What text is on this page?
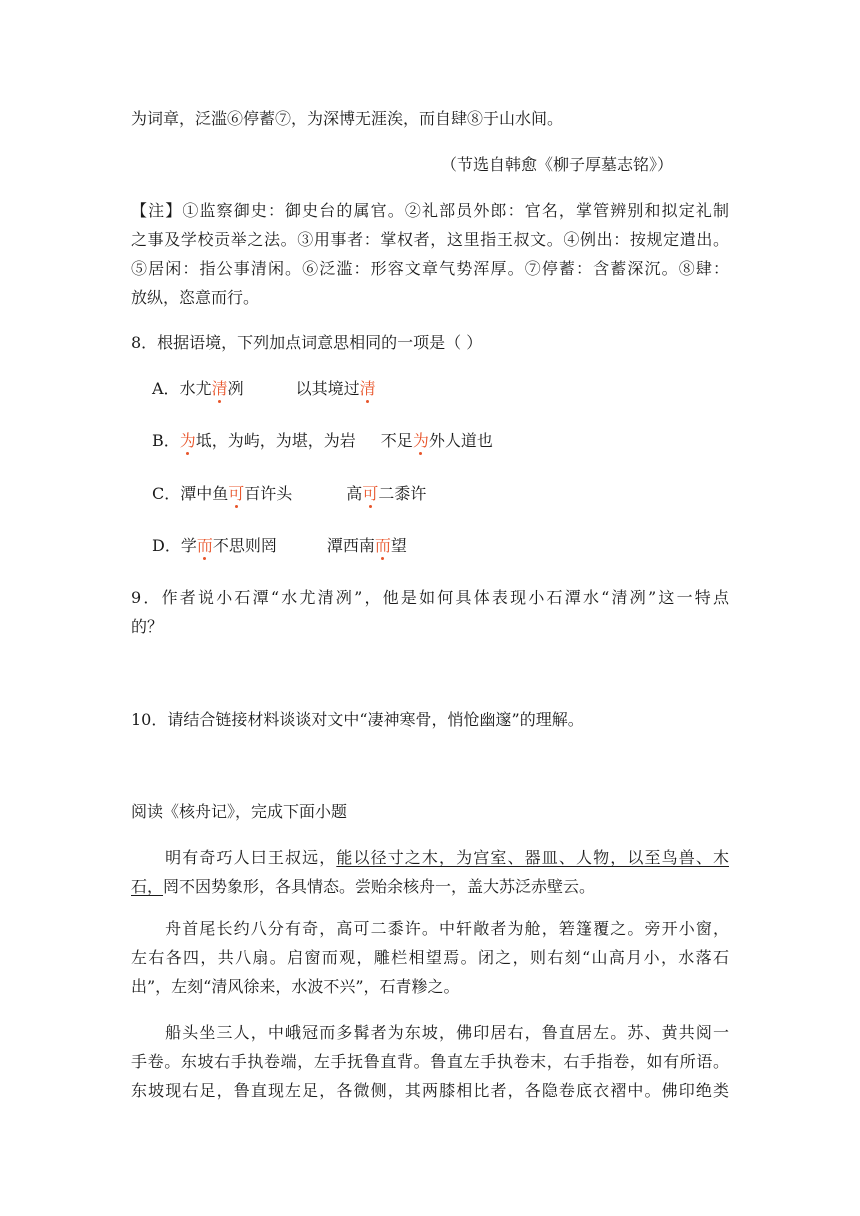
为词章，泛滥⑥停蓄⑦，为深博无涯涘，而自肆⑧于山水间。
（节选自韩愈《柳子厚墓志铭》）
【注】①监察御史：御史台的属官。②礼部员外郎：官名，掌管辨别和拟定礼制
之事及学校贡举之法。③用事者：掌权者，这里指王叔文。④例出：按规定遣出。
⑤居闲：指公事清闲。⑥泛滥：形容文章气势浑厚。⑦停蓄：含蓄深沉。⑧肆：
放纵，恣意而行。
8．根据语境，下列加点词意思相同的一项是（ ）
A．水尤清冽	以其境过清
B．为坻，为屿，为堪，为岩 不足为外人道也
C．潭中鱼可百许头	高可二黍许
D．学而不思则罔	潭西南而望
9．作者说小石潭“水尤清冽”，他是如何具体表现小石潭水“清冽”这一特点
的？
10．请结合链接材料谈谈对文中“凄神寒骨，悄怆幽邃”的理解。
阅读《核舟记》，完成下面小题
明有奇巧人曰王叔远，能以径寸之木，为宫室、器皿、人物，以至鸟兽、木
石，罔不因势象形，各具情态。尝贻余核舟一，盖大苏泛赤壁云。
舟首尾长约八分有奇，高可二黍许。中轩敞者为舱，箬篷覆之。旁开小窗，
左右各四，共八扇。启窗而观，雕栏相望焉。闭之，则右刻“山高月小，水落石
出”，左刻“清风徐来，水波不兴”，石青糁之。
船头坐三人，中峨冠而多髯者为东坡，佛印居右，鲁直居左。苏、黄共阅一
手卷。东坡右手执卷端，左手抚鲁直背。鲁直左手执卷末，右手指卷，如有所语。
东坡现右足，鲁直现左足，各微侧，其两膝相比者，各隐卷底衣褶中。佛印绝类
